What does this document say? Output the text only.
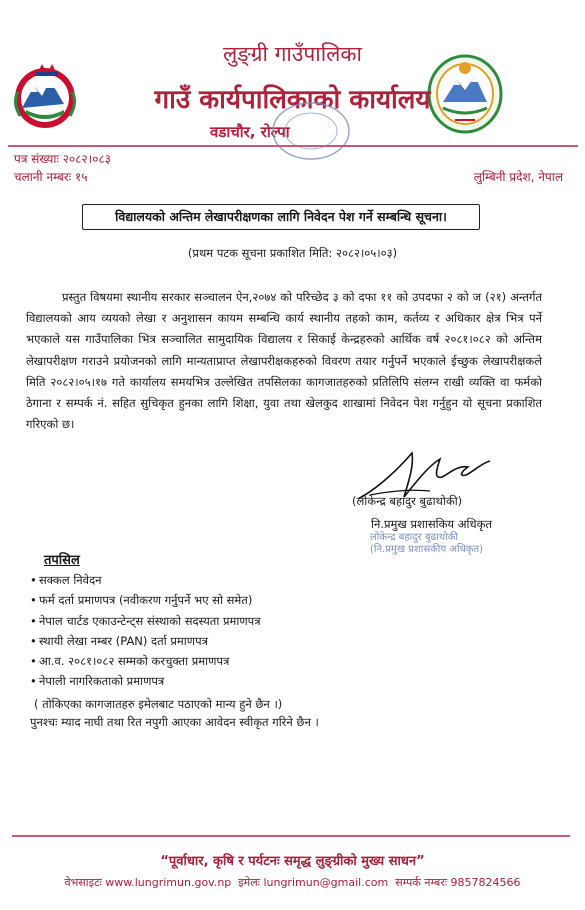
लुङ्ग्री गाउँपालिका
गाउँ कार्यपालिकाको कार्यालय
वडाचौर, रोल्पा
पत्र संख्याः २०८२।०८३
चलानी नम्बरः १५	लुम्बिनी प्रदेश, नेपाल
विद्यालयको अन्तिम लेखापरीक्षणका लागि निवेदन पेश गर्ने सम्बन्धि सूचना।
(प्रथम पटक सूचना प्रकाशित मिति: २०८२।०५।०३)
प्रस्तुत विषयमा स्थानीय सरकार सञ्चालन ऐन,२०७४ को परिच्छेद ३ को दफा ११ को उपदफा २ को ज (२१) अन्तर्गत विद्यालयको आय व्ययको लेखा र अनुशासन कायम सम्बन्धि कार्य स्थानीय तहको काम, कर्तव्य र अधिकार क्षेत्र भित्र पर्ने भएकाले यस गाउँपालिका भित्र सञ्चालित सामुदायिक विद्यालय र सिकाई केन्द्रहरुको आर्थिक वर्ष २०८१।०८२ को अन्तिम लेखापरीक्षण गराउने प्रयोजनको लागि मान्यताप्राप्त लेखापरीक्षकहरुको विवरण तयार गर्नुपर्ने भएकाले ईच्छुक लेखापरीक्षकले मिति २०८२।०५।१७ गते कार्यालय समयभित्र उल्लेखित तपसिलका कागजातहरुको प्रतिलिपि संलग्न राखी व्यक्ति वा फर्मको ठेगाना र सम्पर्क नं. सहित सुचिकृत हुनका लागि शिक्षा, युवा तथा खेलकुद शाखामां निवेदन पेश गर्नुहुन यो सूचना प्रकाशित गरिएको छ।
(लोकेन्द्र बहादुर बुढाथोकी)
नि.प्रमुख प्रशासकिय अधिकृत
लोकेन्द्र बहादुर बुढाथोकी
(नि.प्रमुख प्रशासकीय अधिकृत)
तपसिल
• सक्कल निवेदन
• फर्म दर्ता प्रमाणपत्र (नवीकरण गर्नुपर्ने भए सो समेत)
• नेपाल चार्टड एकाउन्टेन्ट्स संस्थाको सदस्यता प्रमाणपत्र
• स्थायी लेखा नम्बर (PAN) दर्ता प्रमाणपत्र
• आ.व. २०८१।०८२ सम्मको करचुक्ता प्रमाणपत्र
• नेपाली नागरिकताको प्रमाणपत्र
( तोकिएका कागजातहरु इमेलबाट पठाएको मान्य हुने छैन ।)
पुनश्चः म्याद नाघी तथा रित नपुगी आएका आवेदन स्वीकृत गरिने छैन ।
“पूर्वाधार, कृषि र पर्यटनः समृद्ध लुङ्ग्रीको मुख्य साधन”
वेभसाइटः www.lungrimun.gov.np इमेलः lungrimun@gmail.com सम्पर्क नम्बरः 9857824566
